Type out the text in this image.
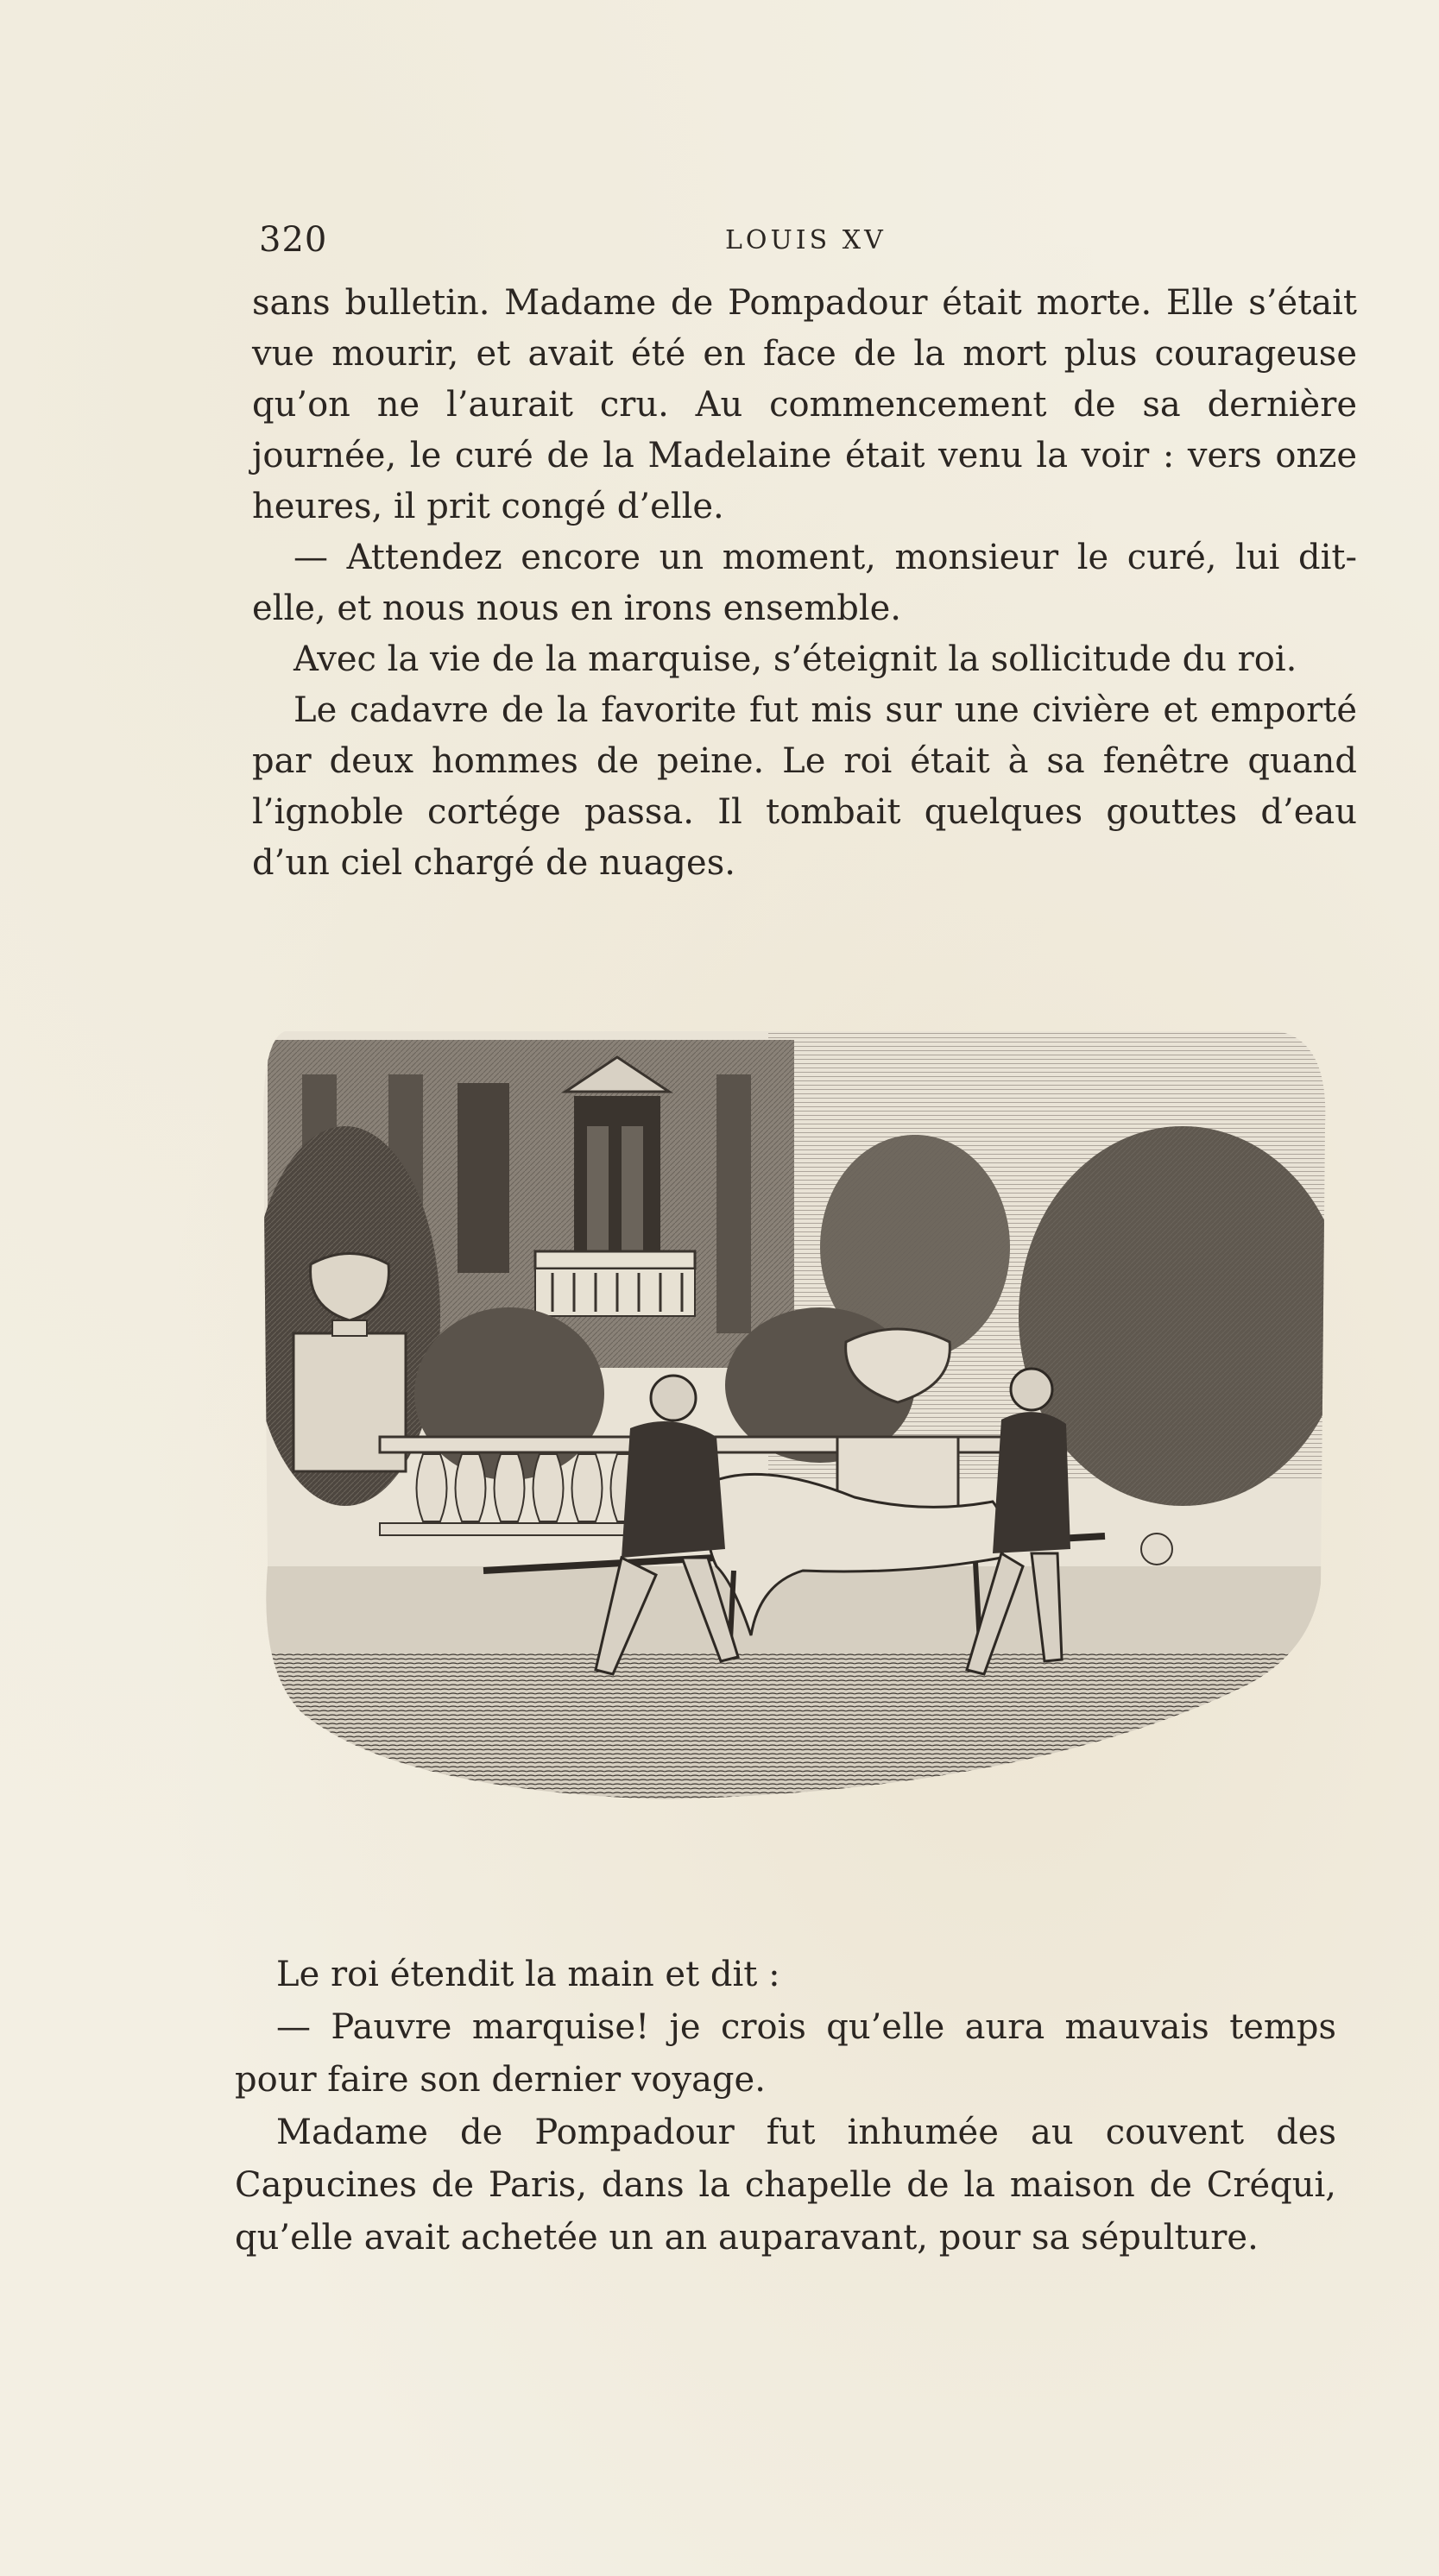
320	LOUIS XV

sans bulletin. Madame de Pompadour était morte. Elle s’était vue mourir, et avait été en face de la mort plus courageuse qu’on ne l’aurait cru. Au commencement de sa dernière journée, le curé de la Madelaine était venu la voir : vers onze heures, il prit congé d’elle.

— Attendez encore un moment, monsieur le curé, lui dit-elle, et nous nous en irons ensemble.

Avec la vie de la marquise, s’éteignit la sollicitude du roi.

Le cadavre de la favorite fut mis sur une civière et emporté par deux hommes de peine. Le roi était à sa fenêtre quand l’ignoble cortége passa. Il tombait quelques gouttes d’eau d’un ciel chargé de nuages.

Le roi étendit la main et dit :

— Pauvre marquise! je crois qu’elle aura mauvais temps pour faire son dernier voyage.

Madame de Pompadour fut inhumée au couvent des Capucines de Paris, dans la chapelle de la maison de Créqui, qu’elle avait achetée un an auparavant, pour sa sépulture.
